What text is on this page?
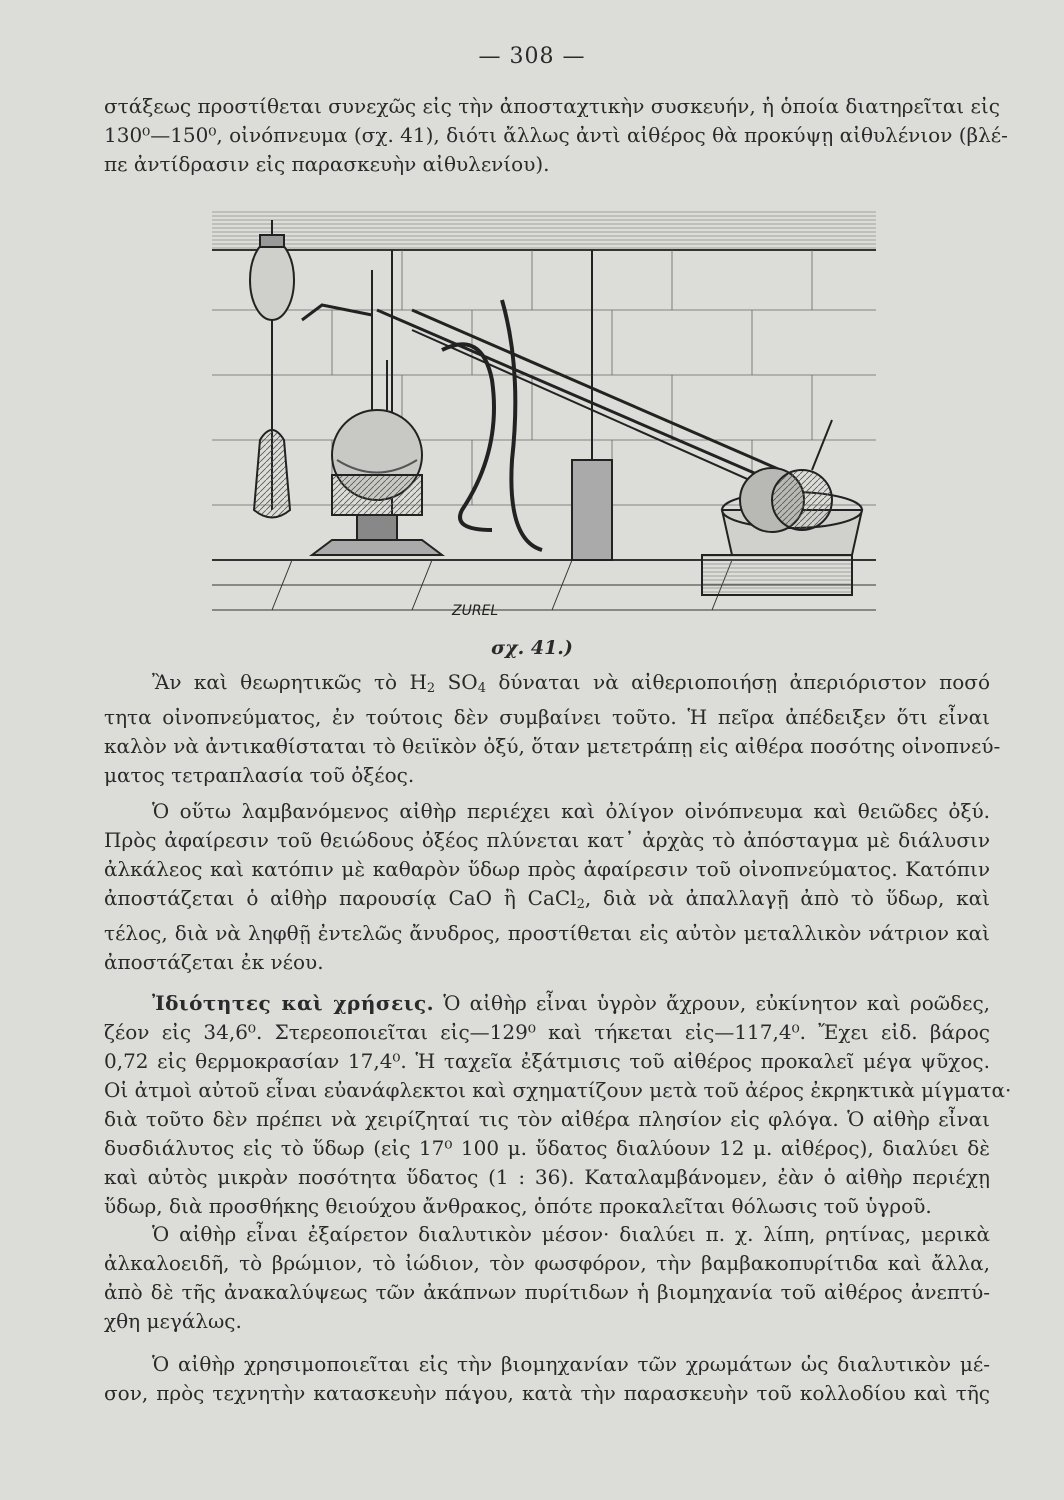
— 308 —
στάξεως προστίθεται συνεχῶς εἰς τὴν ἀποσταχτικὴν συσκευήν, ἡ ὁποία διατηρεῖται εἰς
130⁰—150⁰, οἰνόπνευμα (σχ. 41), διότι ἄλλως ἀντὶ αἰθέρος θὰ προκύψῃ αἰθυλένιον (βλέ-
πε ἀντίδρασιν εἰς παρασκευὴν αἰθυλενίου).
ZUREL
σχ. 41.)
Ἂν καὶ θεωρητικῶς τὸ $H_2$ $SO_4$ δύναται νὰ αἰθεριοποιήσῃ ἀπεριόριστον ποσό
τητα οἰνοπνεύματος, ἐν τούτοις δὲν συμβαίνει τοῦτο. Ἡ πεῖρα ἀπέδειξεν ὅτι εἶναι
καλὸν νὰ ἀντικαθίσταται τὸ θειϊκὸν ὀξύ, ὅταν μετετράπῃ εἰς αἰθέρα ποσότης οἰνοπνεύ-
ματος τετραπλασία τοῦ ὀξέος.
Ὁ οὕτω λαμβανόμενος αἰθὴρ περιέχει καὶ ὀλίγον οἰνόπνευμα καὶ θειῶδες ὀξύ.
Πρὸς ἀφαίρεσιν τοῦ θειώδους ὀξέος πλύνεται κατ᾽ ἀρχὰς τὸ ἀπόσταγμα μὲ διάλυσιν
ἀλκάλεος καὶ κατόπιν μὲ καθαρὸν ὕδωρ πρὸς ἀφαίρεσιν τοῦ οἰνοπνεύματος. Κατόπιν
ἀποστάζεται ὁ αἰθὴρ παρουσίᾳ CaO ἢ CaCl$_2$, διὰ νὰ ἀπαλλαγῇ ἀπὸ τὸ ὕδωρ, καὶ
τέλος, διὰ νὰ ληφθῇ ἐντελῶς ἄνυδρος, προστίθεται εἰς αὐτὸν μεταλλικὸν νάτριον καὶ
ἀποστάζεται ἐκ νέου.
Ἰδιότητες καὶ χρήσεις. Ὁ αἰθὴρ εἶναι ὑγρὸν ἄχρουν, εὐκίνητον καὶ ρoῶδες,
ζέον εἰς 34,6⁰. Στερεοποιεῖται εἰς—129⁰ καὶ τήκεται εἰς—117,4⁰. Ἔχει εἰδ. βάρος
0,72 εἰς θερμοκρασίαν 17,4⁰. Ἡ ταχεῖα ἐξάτμισις τοῦ αἰθέρος προκαλεῖ μέγα ψῦχος.
Οἱ ἀτμοὶ αὐτοῦ εἶναι εὐανάφλεκτοι καὶ σχηματίζουν μετὰ τοῦ ἀέρος ἐκρηκτικὰ μίγματα·
διὰ τοῦτο δὲν πρέπει νὰ χειρίζηταί τις τὸν αἰθέρα πλησίον εἰς φλόγα. Ὁ αἰθὴρ εἶναι
δυσδιάλυτος εἰς τὸ ὕδωρ (εἰς 17⁰ 100 μ. ὕδατος διαλύουν 12 μ. αἰθέρος), διαλύει δὲ
καὶ αὐτὸς μικρὰν ποσότητα ὕδατος (1 : 36). Καταλαμβάνομεν, ἐὰν ὁ αἰθὴρ περιέχῃ
ὕδωρ, διὰ προσθήκης θειούχου ἄνθρακος, ὁπότε προκαλεῖται θόλωσις τοῦ ὑγροῦ.
Ὁ αἰθὴρ εἶναι ἐξαίρετον διαλυτικὸν μέσον· διαλύει π. χ. λίπη, ρητίνας, μερικὰ
ἀλκαλοειδῆ, τὸ βρώμιον, τὸ ἰώδιον, τὸν φωσφόρον, τὴν βαμβακοπυρίτιδα καὶ ἄλλα,
ἀπὸ δὲ τῆς ἀνακαλύψεως τῶν ἀκάπνων πυρίτιδων ἡ βιομηχανία τοῦ αἰθέρος ἀνεπτύ-
χθη μεγάλως.
Ὁ αἰθὴρ χρησιμοποιεῖται εἰς τὴν βιομηχανίαν τῶν χρωμάτων ὡς διαλυτικὸν μέ-
σον, πρὸς τεχνητὴν κατασκευὴν πάγου, κατὰ τὴν παρασκευὴν τοῦ κολλοδίου καὶ τῆς
